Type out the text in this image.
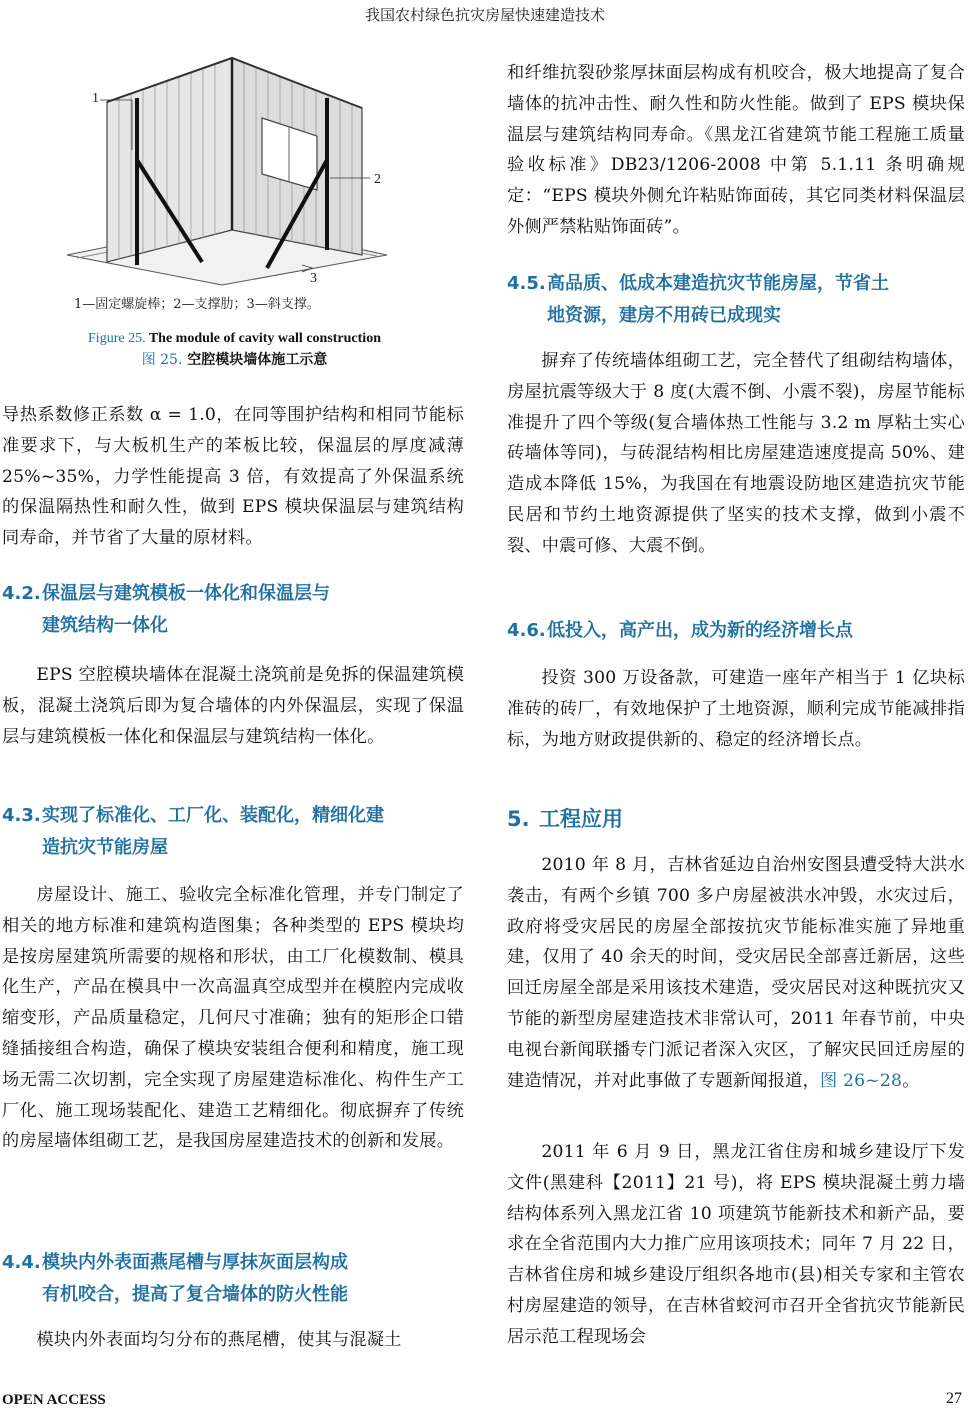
我国农村绿色抗灾房屋快速建造技术
1
2
3
1—固定螺旋棒；2—支撑肋；3—斜支撑。
Figure 25. The module of cavity wall construction
图 25. 空腔模块墙体施工示意

导热系数修正系数 α = 1.0，在同等围护结构和相同节能标准要求下，与大板机生产的苯板比较，保温层的厚度减薄 25%~35%，力学性能提高 3 倍，有效提高了外保温系统的保温隔热性和耐久性，做到 EPS 模块保温层与建筑结构同寿命，并节省了大量的原材料。

4.2.保温层与建筑模板一体化和保温层与
建筑结构一体化

EPS 空腔模块墙体在混凝土浇筑前是免拆的保温建筑模板，混凝土浇筑后即为复合墙体的内外保温层，实现了保温层与建筑模板一体化和保温层与建筑结构一体化。

4.3.实现了标准化、工厂化、装配化，精细化建
造抗灾节能房屋

房屋设计、施工、验收完全标准化管理，并专门制定了相关的地方标准和建筑构造图集；各种类型的 EPS 模块均是按房屋建筑所需要的规格和形状，由工厂化模数制、模具化生产，产品在模具中一次高温真空成型并在模腔内完成收缩变形，产品质量稳定，几何尺寸准确；独有的矩形企口错缝插接组合构造，确保了模块安装组合便利和精度，施工现场无需二次切割，完全实现了房屋建造标准化、构件生产工厂化、施工现场装配化、建造工艺精细化。彻底摒弃了传统的房屋墙体组砌工艺，是我国房屋建造技术的创新和发展。

4.4.模块内外表面燕尾槽与厚抹灰面层构成
有机咬合，提高了复合墙体的防火性能

模块内外表面均匀分布的燕尾槽，使其与混凝土

和纤维抗裂砂浆厚抹面层构成有机咬合，极大地提高了复合墙体的抗冲击性、耐久性和防火性能。做到了 EPS 模块保温层与建筑结构同寿命。《黑龙江省建筑节能工程施工质量验收标准》DB23/1206-2008 中第 5.1.11 条明确规定：“EPS 模块外侧允许粘贴饰面砖，其它同类材料保温层外侧严禁粘贴饰面砖”。

4.5.高品质、低成本建造抗灾节能房屋，节省土
地资源，建房不用砖已成现实

摒弃了传统墙体组砌工艺，完全替代了组砌结构墙体，房屋抗震等级大于 8 度(大震不倒、小震不裂)，房屋节能标准提升了四个等级(复合墙体热工性能与 3.2 m 厚粘土实心砖墙体等同)，与砖混结构相比房屋建造速度提高 50%、建造成本降低 15%，为我国在有地震设防地区建造抗灾节能民居和节约土地资源提供了坚实的技术支撑，做到小震不裂、中震可修、大震不倒。

4.6.低投入，高产出，成为新的经济增长点

投资 300 万设备款，可建造一座年产相当于 1 亿块标准砖的砖厂，有效地保护了土地资源，顺利完成节能减排指标，为地方财政提供新的、稳定的经济增长点。

5. 工程应用

2010 年 8 月，吉林省延边自治州安图县遭受特大洪水袭击，有两个乡镇 700 多户房屋被洪水冲毁，水灾过后，政府将受灾居民的房屋全部按抗灾节能标准实施了异地重建，仅用了 40 余天的时间，受灾居民全部喜迁新居，这些回迁房屋全部是采用该技术建造，受灾居民对这种既抗灾又节能的新型房屋建造技术非常认可，2011 年春节前，中央电视台新闻联播专门派记者深入灾区，了解灾民回迁房屋的建造情况，并对此事做了专题新闻报道，图 26~28。

2011 年 6 月 9 日，黑龙江省住房和城乡建设厅下发文件(黑建科【2011】21 号)，将 EPS 模块混凝土剪力墙结构体系列入黑龙江省 10 项建筑节能新技术和新产品，要求在全省范围内大力推广应用该项技术；同年 7 月 22 日，吉林省住房和城乡建设厅组织各地市(县)相关专家和主管农村房屋建造的领导，在吉林省蛟河市召开全省抗灾节能新民居示范工程现场会

OPEN ACCESS	27
